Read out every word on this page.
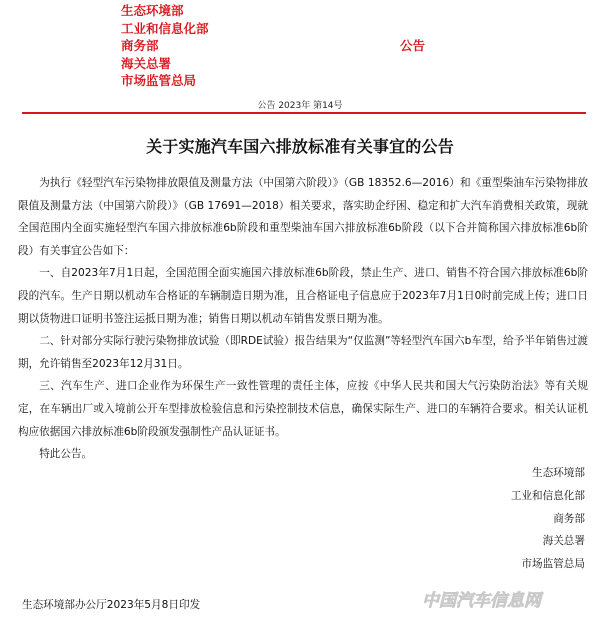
生态环境部
工业和信息化部
商务部
海关总署
市场监管总局
公告
公告 2023年 第14号
关于实施汽车国六排放标准有关事宜的公告

为执行《轻型汽车污染物排放限值及测量方法（中国第六阶段）》（GB 18352.6—2016）和《重型柴油车污染物排放限值及测量方法（中国第六阶段）》（GB 17691—2018）相关要求，落实助企纾困、稳定和扩大汽车消费相关政策，现就全国范围内全面实施轻型汽车国六排放标准6b阶段和重型柴油车国六排放标准6b阶段（以下合并简称国六排放标准6b阶段）有关事宜公告如下：

一、自2023年7月1日起，全国范围全面实施国六排放标准6b阶段，禁止生产、进口、销售不符合国六排放标准6b阶段的汽车。生产日期以机动车合格证的车辆制造日期为准，且合格证电子信息应于2023年7月1日0时前完成上传；进口日期以货物进口证明书签注运抵日期为准；销售日期以机动车销售发票日期为准。

二、针对部分实际行驶污染物排放试验（即RDE试验）报告结果为“仅监测”等轻型汽车国六b车型，给予半年销售过渡期，允许销售至2023年12月31日。

三、汽车生产、进口企业作为环保生产一致性管理的责任主体，应按《中华人民共和国大气污染防治法》等有关规定，在车辆出厂或入境前公开车型排放检验信息和污染控制技术信息，确保实际生产、进口的车辆符合要求。相关认证机构应依据国六排放标准6b阶段颁发强制性产品认证证书。

特此公告。

生态环境部
工业和信息化部
商务部
海关总署
市场监管总局
生态环境部办公厅2023年5月8日印发	中国汽车信息网
